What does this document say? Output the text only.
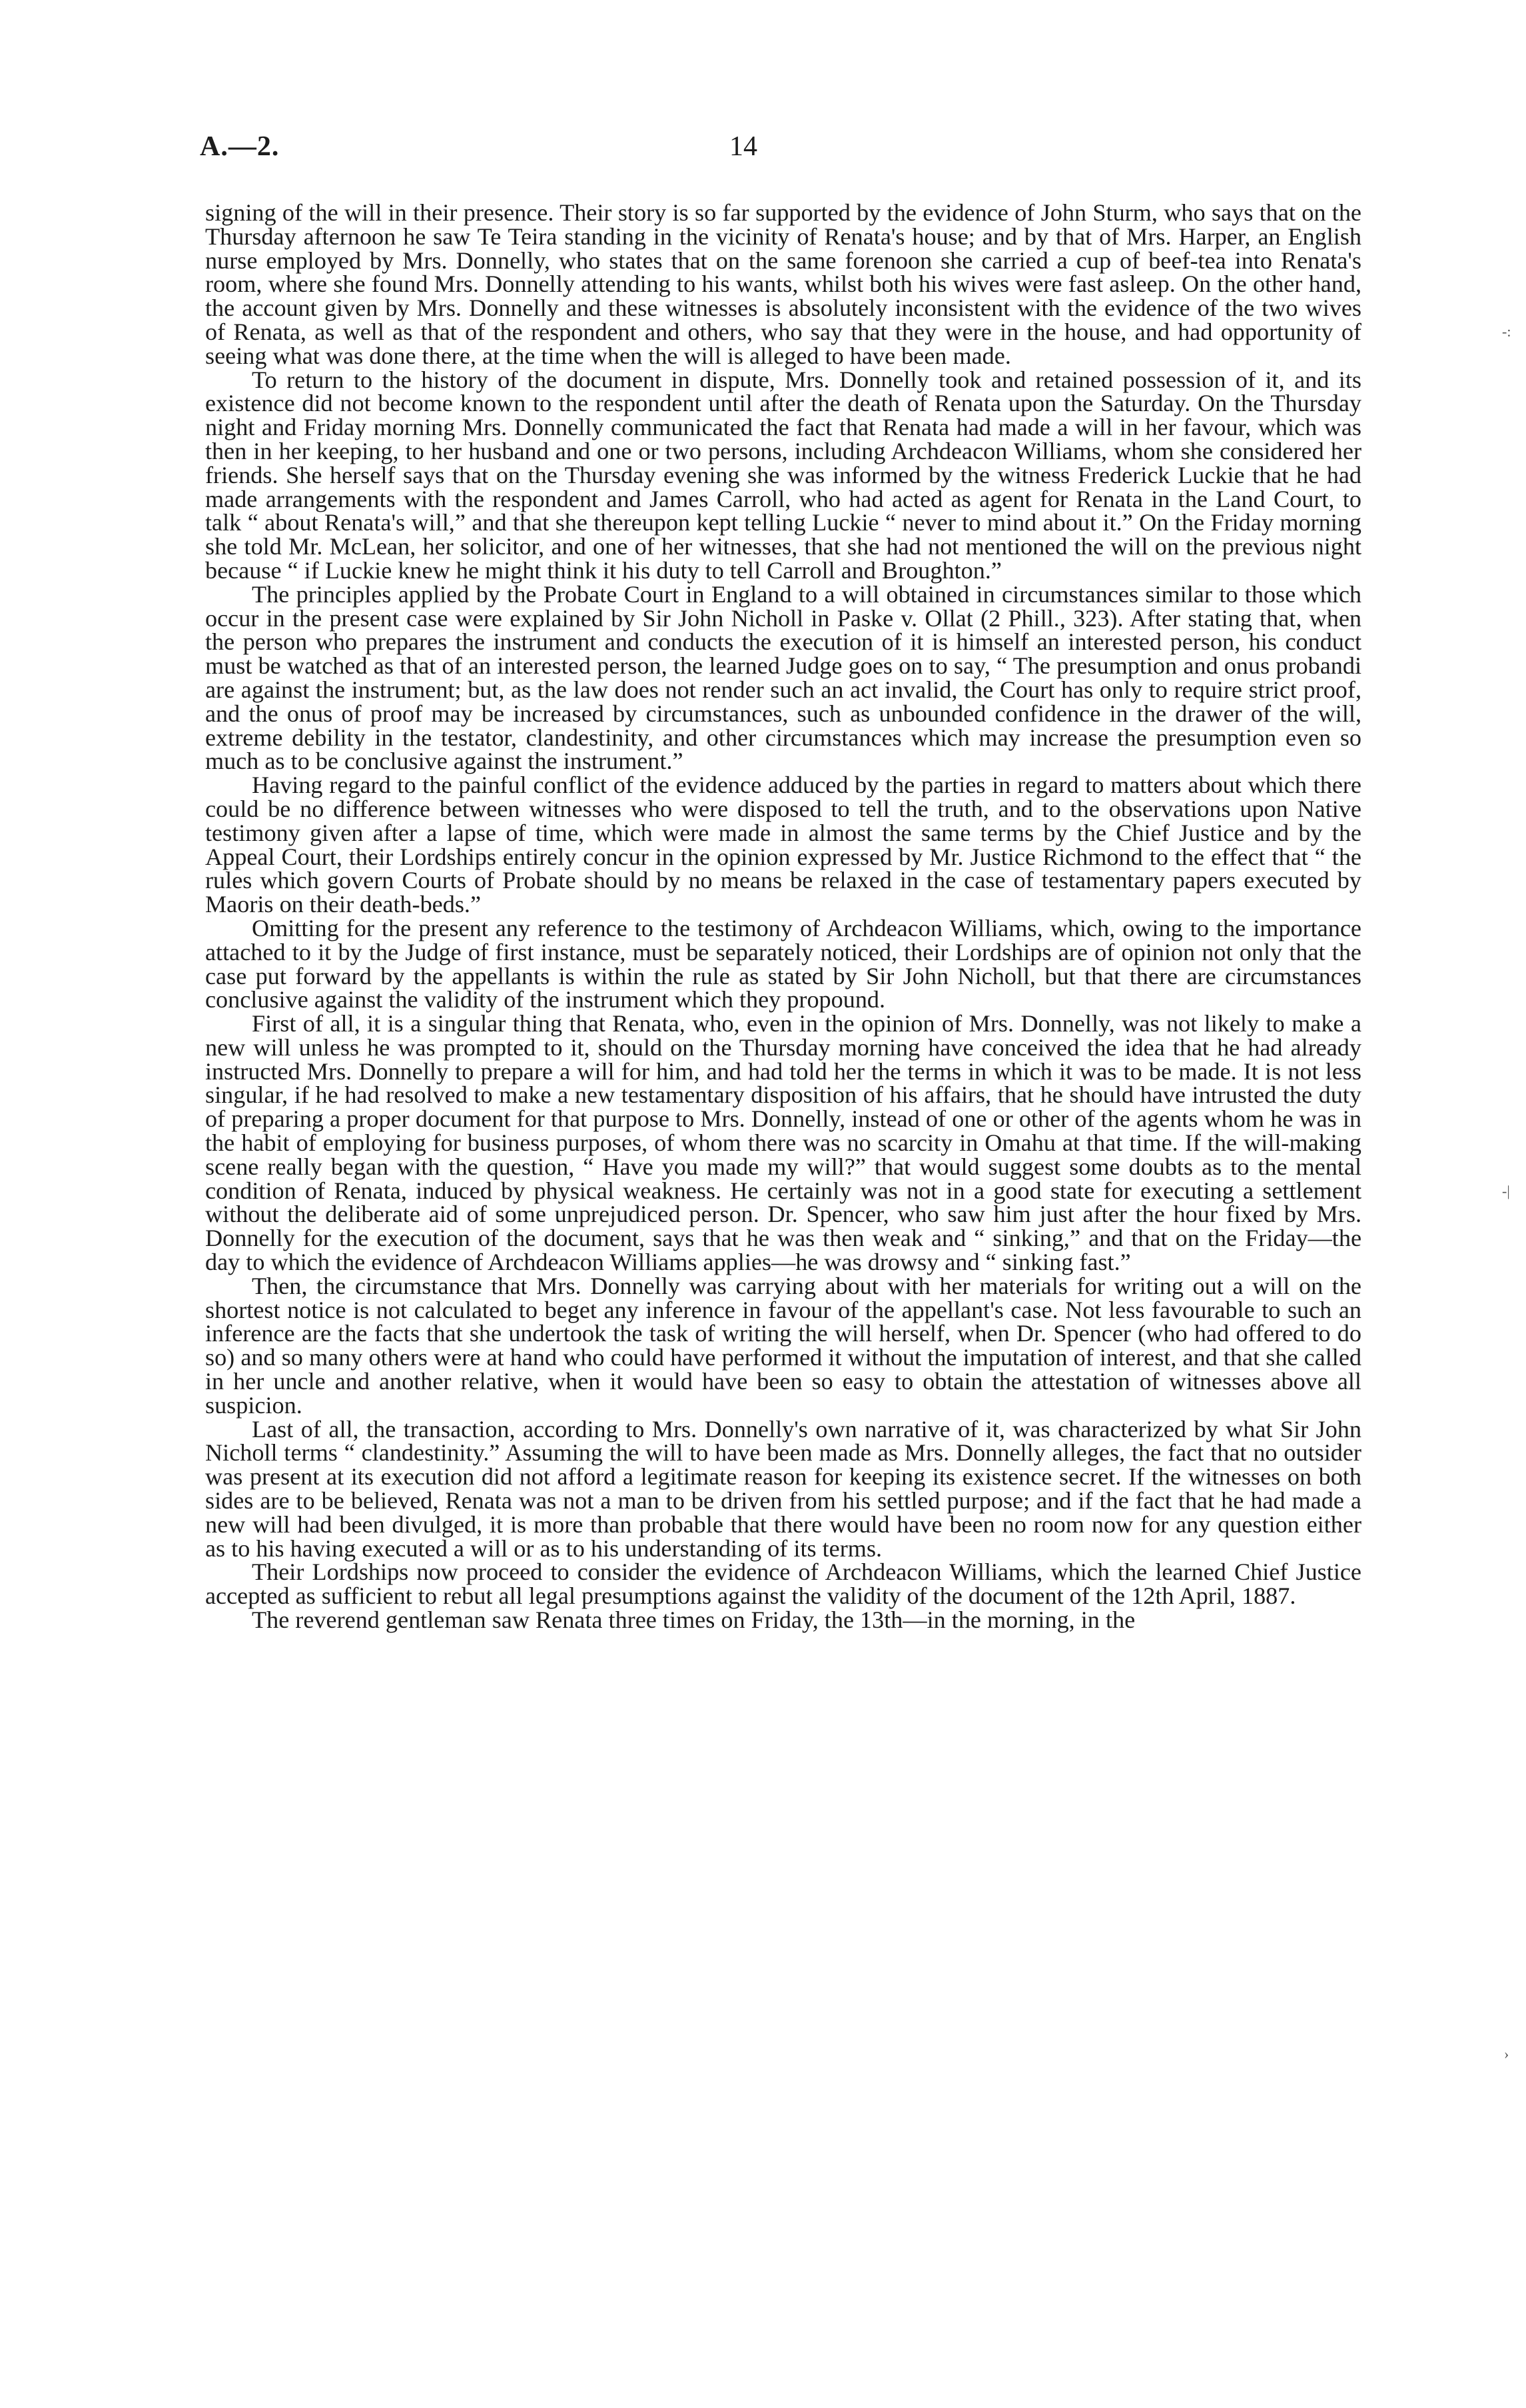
A.—2.	14

signing of the will in their presence. Their story is so far supported by the evidence of John Sturm, who says that on the Thursday afternoon he saw Te Teira standing in the vicinity of Renata's house; and by that of Mrs. Harper, an English nurse employed by Mrs. Donnelly, who states that on the same forenoon she carried a cup of beef-tea into Renata's room, where she found Mrs. Donnelly attending to his wants, whilst both his wives were fast asleep. On the other hand, the account given by Mrs. Donnelly and these witnesses is absolutely inconsistent with the evidence of the two wives of Renata, as well as that of the respondent and others, who say that they were in the house, and had opportunity of seeing what was done there, at the time when the will is alleged to have been made.

To return to the history of the document in dispute, Mrs. Donnelly took and retained possession of it, and its existence did not become known to the respondent until after the death of Renata upon the Saturday. On the Thursday night and Friday morning Mrs. Donnelly communicated the fact that Renata had made a will in her favour, which was then in her keeping, to her husband and one or two persons, including Archdeacon Williams, whom she considered her friends. She herself says that on the Thursday evening she was informed by the witness Frederick Luckie that he had made arrangements with the respondent and James Carroll, who had acted as agent for Renata in the Land Court, to talk “ about Renata's will,” and that she thereupon kept telling Luckie “ never to mind about it.” On the Friday morning she told Mr. McLean, her solicitor, and one of her witnesses, that she had not mentioned the will on the previous night because “ if Luckie knew he might think it his duty to tell Carroll and Broughton.”

The principles applied by the Probate Court in England to a will obtained in circumstances similar to those which occur in the present case were explained by Sir John Nicholl in Paske v. Ollat (2 Phill., 323). After stating that, when the person who prepares the instrument and conducts the execution of it is himself an interested person, his conduct must be watched as that of an interested person, the learned Judge goes on to say, “ The presumption and onus probandi are against the instrument; but, as the law does not render such an act invalid, the Court has only to require strict proof, and the onus of proof may be increased by circumstances, such as unbounded confidence in the drawer of the will, extreme debility in the testator, clandestinity, and other circumstances which may increase the presumption even so much as to be conclusive against the instrument.”

Having regard to the painful conflict of the evidence adduced by the parties in regard to matters about which there could be no difference between witnesses who were disposed to tell the truth, and to the observations upon Native testimony given after a lapse of time, which were made in almost the same terms by the Chief Justice and by the Appeal Court, their Lordships entirely concur in the opinion expressed by Mr. Justice Richmond to the effect that “ the rules which govern Courts of Probate should by no means be relaxed in the case of testamentary papers executed by Maoris on their death-beds.”

Omitting for the present any reference to the testimony of Archdeacon Williams, which, owing to the importance attached to it by the Judge of first instance, must be separately noticed, their Lordships are of opinion not only that the case put forward by the appellants is within the rule as stated by Sir John Nicholl, but that there are circumstances conclusive against the validity of the instrument which they propound.

First of all, it is a singular thing that Renata, who, even in the opinion of Mrs. Donnelly, was not likely to make a new will unless he was prompted to it, should on the Thursday morning have conceived the idea that he had already instructed Mrs. Donnelly to prepare a will for him, and had told her the terms in which it was to be made. It is not less singular, if he had resolved to make a new testamentary disposition of his affairs, that he should have intrusted the duty of preparing a proper document for that purpose to Mrs. Donnelly, instead of one or other of the agents whom he was in the habit of employing for business purposes, of whom there was no scarcity in Omahu at that time. If the will-making scene really began with the question, “ Have you made my will?” that would suggest some doubts as to the mental condition of Renata, induced by physical weakness. He certainly was not in a good state for executing a settlement without the deliberate aid of some unprejudiced person. Dr. Spencer, who saw him just after the hour fixed by Mrs. Donnelly for the execution of the document, says that he was then weak and “ sinking,” and that on the Friday—the day to which the evidence of Archdeacon Williams applies—he was drowsy and “ sinking fast.”

Then, the circumstance that Mrs. Donnelly was carrying about with her materials for writing out a will on the shortest notice is not calculated to beget any inference in favour of the appellant's case. Not less favourable to such an inference are the facts that she undertook the task of writing the will herself, when Dr. Spencer (who had offered to do so) and so many others were at hand who could have performed it without the imputation of interest, and that she called in her uncle and another relative, when it would have been so easy to obtain the attestation of witnesses above all suspicion.

Last of all, the transaction, according to Mrs. Donnelly's own narrative of it, was characterized by what Sir John Nicholl terms “ clandestinity.” Assuming the will to have been made as Mrs. Donnelly alleges, the fact that no outsider was present at its execution did not afford a legitimate reason for keeping its existence secret. If the witnesses on both sides are to be believed, Renata was not a man to be driven from his settled purpose; and if the fact that he had made a new will had been divulged, it is more than probable that there would have been no room now for any question either as to his having executed a will or as to his understanding of its terms.

Their Lordships now proceed to consider the evidence of Archdeacon Williams, which the learned Chief Justice accepted as sufficient to rebut all legal presumptions against the validity of the document of the 12th April, 1887.

The reverend gentleman saw Renata three times on Friday, the 13th—in the morning, in the

-:
-|
›
